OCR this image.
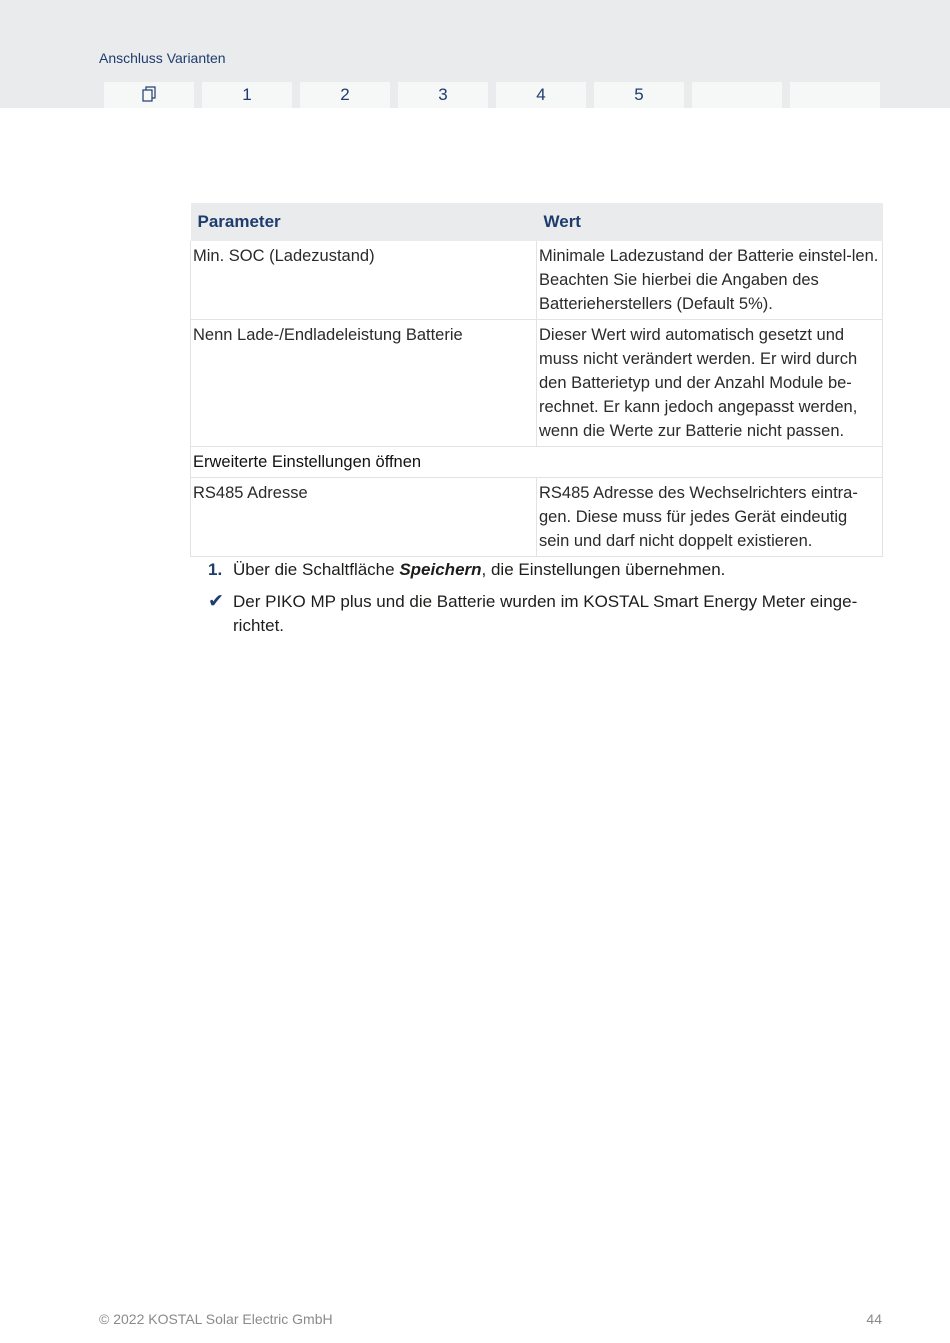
Anschluss Varianten
1	2	3	4	5
Parameter	Wert
Min. SOC (Ladezustand)	Minimale Ladezustand der Batterie einstel-len. Beachten Sie hierbei die Angaben des Batterieherstellers (Default 5%).
Nenn Lade-/Endladeleistung Batterie	Dieser Wert wird automatisch gesetzt und muss nicht verändert werden. Er wird durch den Batterietyp und der Anzahl Module be-rechnet. Er kann jedoch angepasst werden, wenn die Werte zur Batterie nicht passen.
Erweiterte Einstellungen öffnen	
RS485 Adresse	RS485 Adresse des Wechselrichters eintra-gen. Diese muss für jedes Gerät eindeutig sein und darf nicht doppelt existieren.
1. Über die Schaltfläche Speichern, die Einstellungen übernehmen.
✔ Der PIKO MP plus und die Batterie wurden im KOSTAL Smart Energy Meter einge-richtet.
© 2022 KOSTAL Solar Electric GmbH	44
